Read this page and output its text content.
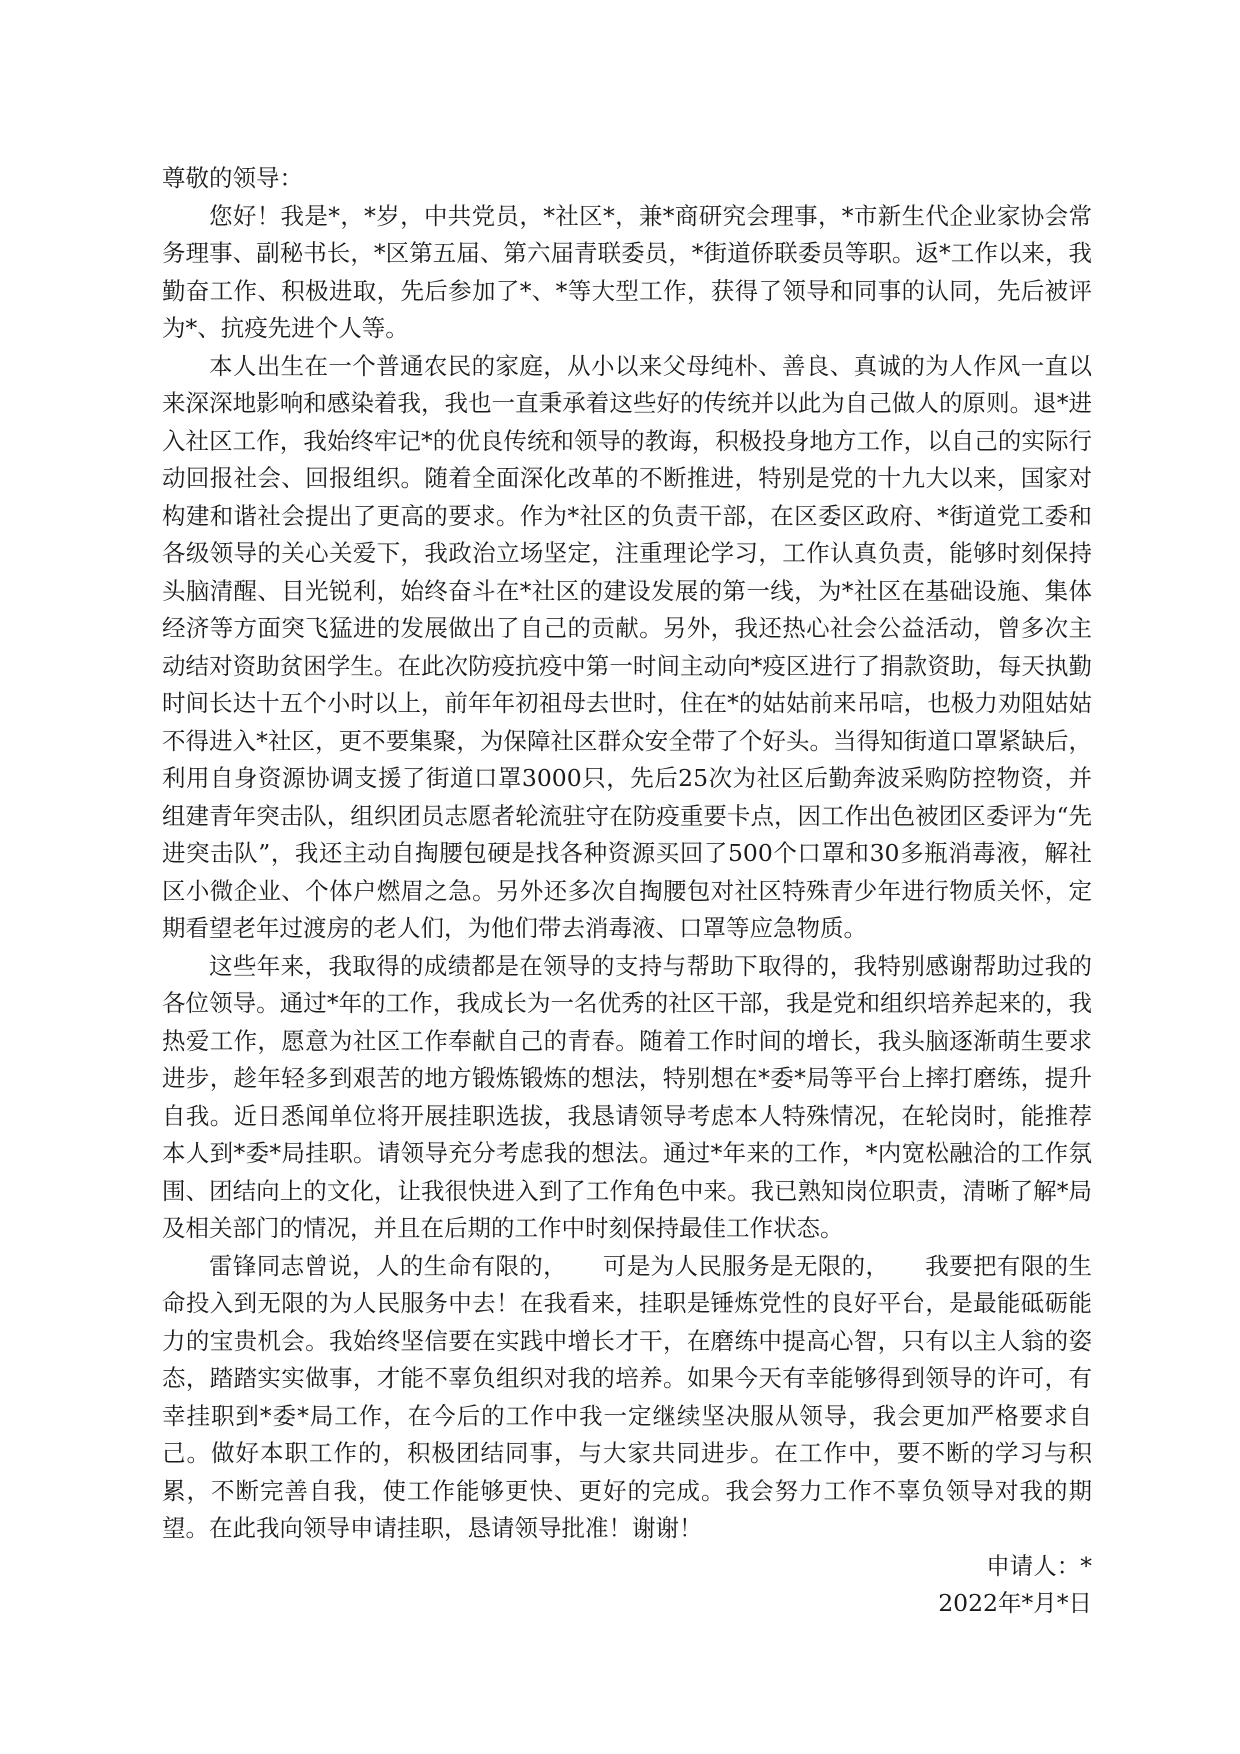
尊敬的领导：

您好！我是*，*岁，中共党员，*社区*，兼*商研究会理事，*市新生代企业家协会常务理事、副秘书长，*区第五届、第六届青联委员，*街道侨联委员等职。返*工作以来，我勤奋工作、积极进取，先后参加了*、*等大型工作，获得了领导和同事的认同，先后被评为*、抗疫先进个人等。

本人出生在一个普通农民的家庭，从小以来父母纯朴、善良、真诚的为人作风一直以来深深地影响和感染着我，我也一直秉承着这些好的传统并以此为自己做人的原则。退*进入社区工作，我始终牢记*的优良传统和领导的教诲，积极投身地方工作，以自己的实际行动回报社会、回报组织。随着全面深化改革的不断推进，特别是党的十九大以来，国家对构建和谐社会提出了更高的要求。作为*社区的负责干部，在区委区政府、*街道党工委和各级领导的关心关爱下，我政治立场坚定，注重理论学习，工作认真负责，能够时刻保持头脑清醒、目光锐利，始终奋斗在*社区的建设发展的第一线，为*社区在基础设施、集体经济等方面突飞猛进的发展做出了自己的贡献。另外，我还热心社会公益活动，曾多次主动结对资助贫困学生。在此次防疫抗疫中第一时间主动向*疫区进行了捐款资助，每天执勤时间长达十五个小时以上，前年年初祖母去世时，住在*的姑姑前来吊唁，也极力劝阻姑姑不得进入*社区，更不要集聚，为保障社区群众安全带了个好头。当得知街道口罩紧缺后，利用自身资源协调支援了街道口罩3000只，先后25次为社区后勤奔波采购防控物资，并组建青年突击队，组织团员志愿者轮流驻守在防疫重要卡点，因工作出色被团区委评为“先进突击队”，我还主动自掏腰包硬是找各种资源买回了500个口罩和30多瓶消毒液，解社区小微企业、个体户燃眉之急。另外还多次自掏腰包对社区特殊青少年进行物质关怀，定期看望老年过渡房的老人们，为他们带去消毒液、口罩等应急物质。

这些年来，我取得的成绩都是在领导的支持与帮助下取得的，我特别感谢帮助过我的各位领导。通过*年的工作，我成长为一名优秀的社区干部，我是党和组织培养起来的，我热爱工作，愿意为社区工作奉献自己的青春。随着工作时间的增长，我头脑逐渐萌生要求进步，趁年轻多到艰苦的地方锻炼锻炼的想法，特别想在*委*局等平台上摔打磨练，提升自我。近日悉闻单位将开展挂职选拔，我恳请领导考虑本人特殊情况，在轮岗时，能推荐本人到*委*局挂职。请领导充分考虑我的想法。通过*年来的工作，*内宽松融洽的工作氛围、团结向上的文化，让我很快进入到了工作角色中来。我已熟知岗位职责，清晰了解*局及相关部门的情况，并且在后期的工作中时刻保持最佳工作状态。

雷锋同志曾说，人的生命有限的，　　可是为人民服务是无限的，　　我要把有限的生命投入到无限的为人民服务中去！在我看来，挂职是锤炼党性的良好平台，是最能砥砺能力的宝贵机会。我始终坚信要在实践中增长才干，在磨练中提高心智，只有以主人翁的姿态，踏踏实实做事，才能不辜负组织对我的培养。如果今天有幸能够得到领导的许可，有幸挂职到*委*局工作，在今后的工作中我一定继续坚决服从领导，我会更加严格要求自己。做好本职工作的，积极团结同事，与大家共同进步。在工作中，要不断的学习与积累，不断完善自我，使工作能够更快、更好的完成。我会努力工作不辜负领导对我的期望。在此我向领导申请挂职，恳请领导批准！谢谢！

申请人：*

2022年*月*日
